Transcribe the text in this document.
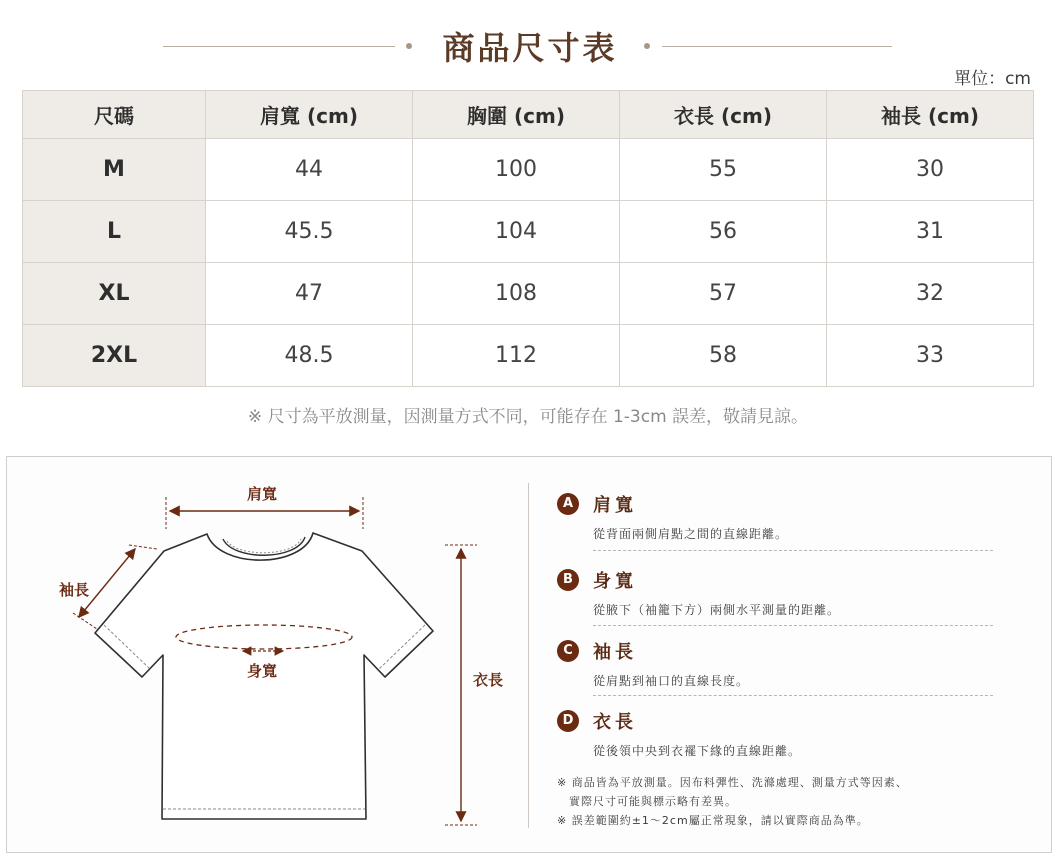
商品尺寸表
單位：cm
尺碼	肩寬 (cm)	胸圍 (cm)	衣長 (cm)	袖長 (cm)
M	44	100	55	30
L	45.5	104	56	31
XL	47	108	57	32
2XL	48.5	112	58	33
※ 尺寸為平放測量，因測量方式不同，可能存在 1-3cm 誤差，敬請見諒。
肩寬
袖長
身寬	衣長
A	肩寬
從背面兩側肩點之間的直線距離。
B	身寬
從腋下（袖籠下方）兩側水平測量的距離。
C	袖長
從肩點到袖口的直線長度。
D	衣長
從後領中央到衣襬下緣的直線距離。
※ 商品皆為平放測量。因布料彈性、洗滌處理、測量方式等因素、
實際尺寸可能與標示略有差異。
※ 誤差範圍約±1～2cm屬正常現象，請以實際商品為準。
